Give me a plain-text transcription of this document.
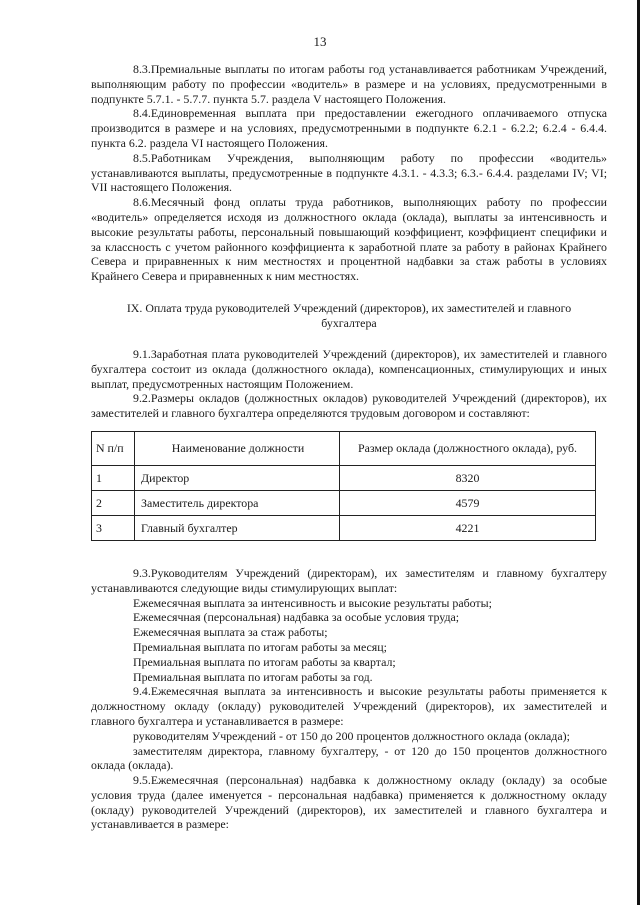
13

8.3.Премиальные выплаты по итогам работы год устанавливается работникам Учреждений, выполняющим работу по профессии «водитель» в размере и на условиях, предусмотренными в подпункте 5.7.1. - 5.7.7. пункта 5.7. раздела V настоящего Положения.

8.4.Единовременная выплата при предоставлении ежегодного оплачиваемого отпуска производится в размере и на условиях, предусмотренными в подпункте 6.2.1 - 6.2.2; 6.2.4 - 6.4.4. пункта 6.2. раздела VI настоящего Положения.

8.5.Работникам Учреждения, выполняющим работу по профессии «водитель» устанавливаются выплаты, предусмотренные в подпункте 4.3.1. - 4.3.3; 6.3.- 6.4.4. разделами IV; VI; VII настоящего Положения.

8.6.Месячный фонд оплаты труда работников, выполняющих работу по профессии «водитель» определяется исходя из должностного оклада (оклада), выплаты за интенсивность и высокие результаты работы, персональный повышающий коэффициент, коэффициент специфики и за классность с учетом районного коэффициента к заработной плате за работу в районах Крайнего Севера и приравненных к ним местностях и процентной надбавки за стаж работы в условиях Крайнего Севера и приравненных к ним местностях.

IX. Оплата труда руководителей Учреждений (директоров), их заместителей и главного бухгалтера

9.1.Заработная плата руководителей Учреждений (директоров), их заместителей и главного бухгалтера состоит из оклада (должностного оклада), компенсационных, стимулирующих и иных выплат, предусмотренных настоящим Положением.

9.2.Размеры окладов (должностных окладов) руководителей Учреждений (директоров), их заместителей и главного бухгалтера определяются трудовым договором и составляют:

N п/п	Наименование должности	Размер оклада (должностного оклада), руб.
1	Директор	8320
2	Заместитель директора	4579
3	Главный бухгалтер	4221

9.3.Руководителям Учреждений (директорам), их заместителям и главному бухгалтеру устанавливаются следующие виды стимулирующих выплат:

Ежемесячная выплата за интенсивность и высокие результаты работы;

Ежемесячная (персональная) надбавка за особые условия труда;

Ежемесячная выплата за стаж работы;

Премиальная выплата по итогам работы за месяц;

Премиальная выплата по итогам работы за квартал;

Премиальная выплата по итогам работы за год.

9.4.Ежемесячная выплата за интенсивность и высокие результаты работы применяется к должностному окладу (окладу) руководителей Учреждений (директоров), их заместителей и главного бухгалтера и устанавливается в размере:

руководителям Учреждений - от 150 до 200 процентов должностного оклада (оклада);

заместителям директора, главному бухгалтеру, - от 120 до 150 процентов должностного оклада (оклада).

9.5.Ежемесячная (персональная) надбавка к должностному окладу (окладу) за особые условия труда (далее именуется - персональная надбавка) применяется к должностному окладу (окладу) руководителей Учреждений (директоров), их заместителей и главного бухгалтера и устанавливается в размере:
